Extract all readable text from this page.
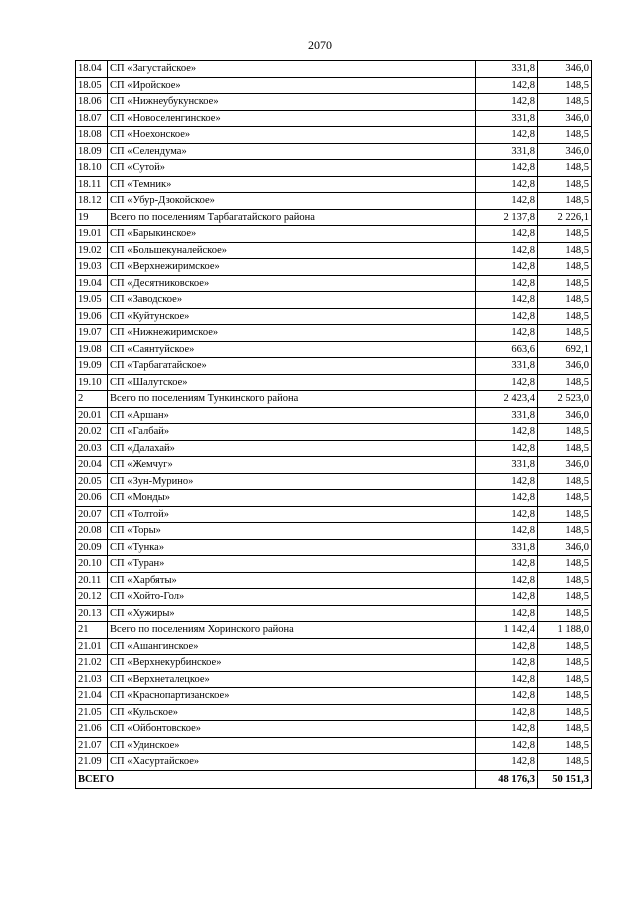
2070
18.04	СП «Загустайское»	331,8	346,0
18.05	СП «Иройское»	142,8	148,5
18.06	СП «Нижнеубукунское»	142,8	148,5
18.07	СП «Новоселенгинское»	331,8	346,0
18.08	СП «Ноехонское»	142,8	148,5
18.09	СП «Селендума»	331,8	346,0
18.10	СП «Сутой»	142,8	148,5
18.11	СП «Темник»	142,8	148,5
18.12	СП «Убур-Дзокойское»	142,8	148,5
19	Всего по поселениям Тарбагатайского района	2 137,8	2 226,1
19.01	СП «Барыкинское»	142,8	148,5
19.02	СП «Большекуналейское»	142,8	148,5
19.03	СП «Верхнежиримское»	142,8	148,5
19.04	СП «Десятниковское»	142,8	148,5
19.05	СП «Заводское»	142,8	148,5
19.06	СП «Куйтунское»	142,8	148,5
19.07	СП «Нижнежиримское»	142,8	148,5
19.08	СП «Саянтуйское»	663,6	692,1
19.09	СП «Тарбагатайское»	331,8	346,0
19.10	СП «Шалутское»	142,8	148,5
2	Всего по поселениям Тункинского района	2 423,4	2 523,0
20.01	СП «Аршан»	331,8	346,0
20.02	СП «Галбай»	142,8	148,5
20.03	СП «Далахай»	142,8	148,5
20.04	СП «Жемчуг»	331,8	346,0
20.05	СП «Зун-Мурино»	142,8	148,5
20.06	СП «Монды»	142,8	148,5
20.07	СП «Толтой»	142,8	148,5
20.08	СП «Торы»	142,8	148,5
20.09	СП «Тунка»	331,8	346,0
20.10	СП «Туран»	142,8	148,5
20.11	СП «Харбяты»	142,8	148,5
20.12	СП «Хойто-Гол»	142,8	148,5
20.13	СП «Хужиры»	142,8	148,5
21	Всего по поселениям Хоринского района	1 142,4	1 188,0
21.01	СП «Ашангинское»	142,8	148,5
21.02	СП «Верхнекурбинское»	142,8	148,5
21.03	СП «Верхнеталецкое»	142,8	148,5
21.04	СП «Краснопартизанское»	142,8	148,5
21.05	СП «Кульское»	142,8	148,5
21.06	СП «Ойбонтовское»	142,8	148,5
21.07	СП «Удинское»	142,8	148,5
21.09	СП «Хасуртайское»	142,8	148,5
ВСЕГО		48 176,3	50 151,3
